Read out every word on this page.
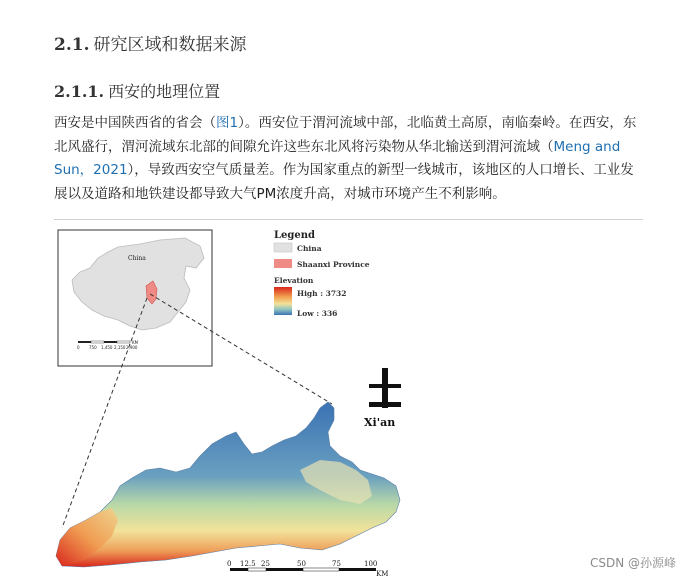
2.1. 研究区域和数据来源
2.1.1. 西安的地理位置
西安是中国陕西省的省会（图1）。西安位于渭河流域中部，北临黄土高原，南临秦岭。在西安，东北风盛行，渭河流域东北部的间隙允许这些东北风将污染物从华北输送到渭河流域（Meng and Sun，2021），导致西安空气质量差。作为国家重点的新型一线城市，该地区的人口增长、工业发展以及道路和地铁建设都导致大气PM浓度升高，对城市环境产生不利影响。
China
0 750 1,450 2,150 2,900
KM
Legend
China
Shaanxi Province
Elevation
High : 3732
Low : 336
Xi'an
0 12.5 25	50	75	100
KM
CSDN @孙源峰
